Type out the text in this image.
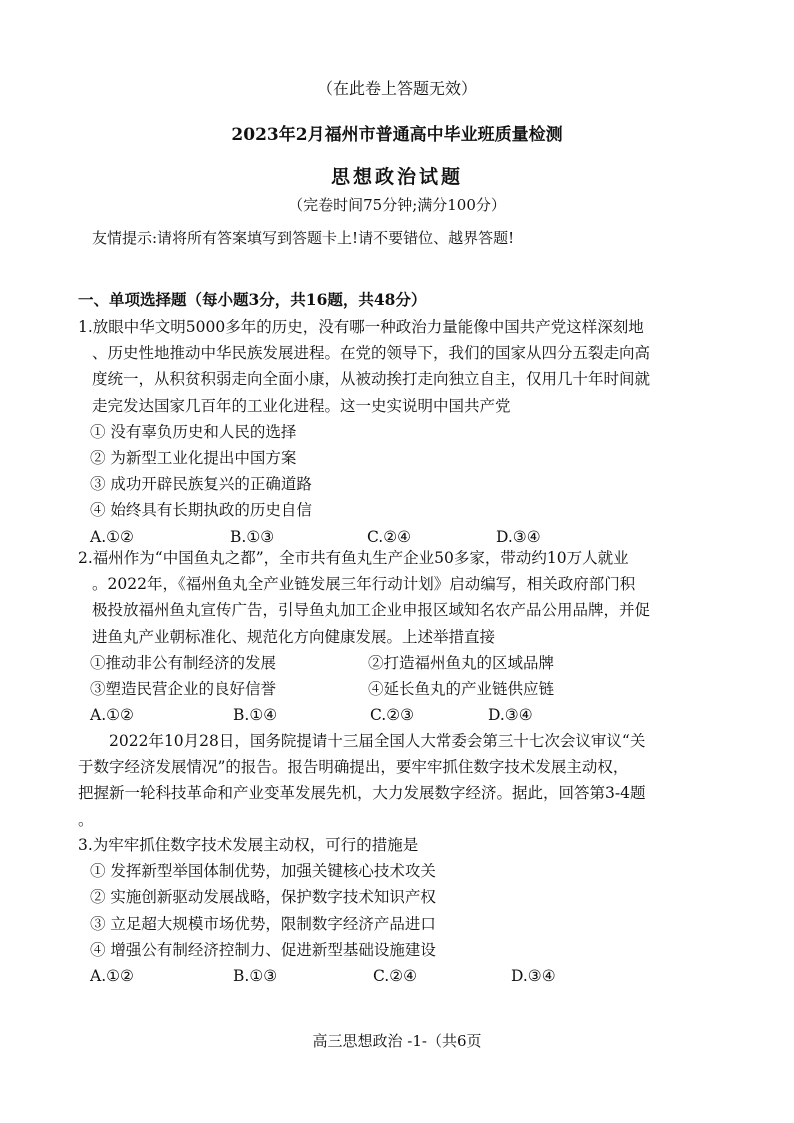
（在此卷上答题无效）
2023年2月福州市普通高中毕业班质量检测
思想政治试题
（完卷时间75分钟;满分100分）
友情提示:请将所有答案填写到答题卡上!请不要错位、越界答题!
一、单项选择题（每小题3分，共16题，共48分）

1.放眼中华文明5000多年的历史，没有哪一种政治力量能像中国共产党这样深刻地

、历史性地推动中华民族发展进程。在党的领导下，我们的国家从四分五裂走向高

度统一，从积贫积弱走向全面小康，从被动挨打走向独立自主，仅用几十年时间就

走完发达国家几百年的工业化进程。这一史实说明中国共产党

① 没有辜负历史和人民的选择
② 为新型工业化提出中国方案
③ 成功开辟民族复兴的正确道路
④ 始终具有长期执政的历史自信
A.①②	B.①③	C.②④	D.③④

2.福州作为“中国鱼丸之都”，全市共有鱼丸生产企业50多家，带动约10万人就业

。2022年，《福州鱼丸全产业链发展三年行动计划》启动编写，相关政府部门积

极投放福州鱼丸宣传广告，引导鱼丸加工企业申报区域知名农产品公用品牌，并促

进鱼丸产业朝标准化、规范化方向健康发展。上述举措直接

①推动非公有制经济的发展	②打造福州鱼丸的区域品牌
③塑造民营企业的良好信誉	④延长鱼丸的产业链供应链
A.①②	B.①④	C.②③	D.③④

　　2022年10月28日，国务院提请十三届全国人大常委会第三十七次会议审议“关

于数字经济发展情况”的报告。报告明确提出，要牢牢抓住数字技术发展主动权，

把握新一轮科技革命和产业变革发展先机，大力发展数字经济。据此，回答第3-4题

。

3.为牢牢抓住数字技术发展主动权，可行的措施是

① 发挥新型举国体制优势，加强关键核心技术攻关
② 实施创新驱动发展战略，保护数字技术知识产权
③ 立足超大规模市场优势，限制数字经济产品进口
④ 增强公有制经济控制力、促进新型基础设施建设
A.①②	B.①③	C.②④	D.③④
高三思想政治 -1-（共6页
